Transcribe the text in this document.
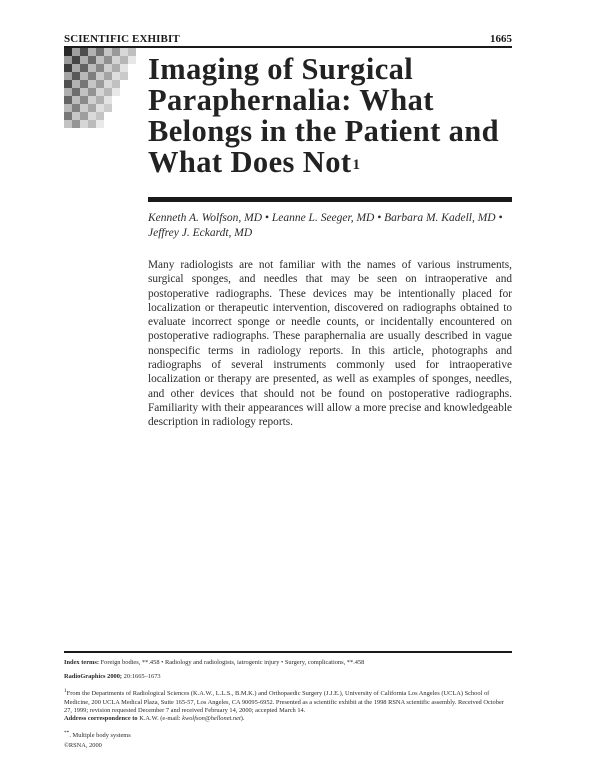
SCIENTIFIC EXHIBIT	1665
Imaging of Surgical Paraphernalia: What Belongs in the Patient and What Does Not$^1$

Kenneth A. Wolfson, MD • Leanne L. Seeger, MD • Barbara M. Kadell, MD • Jeffrey J. Eckardt, MD

Many radiologists are not familiar with the names of various instruments, surgical sponges, and needles that may be seen on intraoperative and postoperative radiographs. These devices may be intentionally placed for localization or therapeutic intervention, discovered on radiographs obtained to evaluate incorrect sponge or needle counts, or incidentally encountered on postoperative radiographs. These paraphernalia are usually described in vague nonspecific terms in radiology reports. In this article, photographs and radiographs of several instruments commonly used for intraoperative localization or therapy are presented, as well as examples of sponges, needles, and other devices that should not be found on postoperative radiographs. Familiarity with their appearances will allow a more precise and knowledgeable description in radiology reports.

Index terms: Foreign bodies, **.458 • Radiology and radiologists, iatrogenic injury • Surgery, complications, **.458

RadioGraphics 2000; 20:1665–1673

$^1$From the Departments of Radiological Sciences (K.A.W., L.L.S., B.M.K.) and Orthopaedic Surgery (J.J.E.), University of California Los Angeles (UCLA) School of Medicine, 200 UCLA Medical Plaza, Suite 165-57, Los Angeles, CA 90095-6952. Presented as a scientific exhibit at the 1998 RSNA scientific assembly. Received October 27, 1999; revision requested December 7 and received February 14, 2000; accepted March 14.
Address correspondence to K.A.W. (e-mail: kwolfson@hellonet.net).

**. Multiple body systems

©RSNA, 2000
